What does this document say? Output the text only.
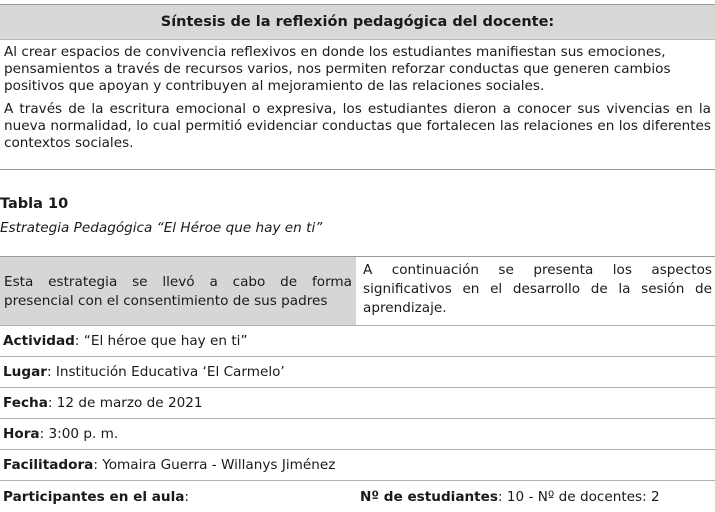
Síntesis de la reflexión pedagógica del docente:

Al crear espacios de convivencia reflexivos en donde los estudiantes manifiestan sus emociones, pensamientos a través de recursos varios, nos permiten reforzar conductas que generen cambios positivos que apoyan y contribuyen al mejoramiento de las relaciones sociales.

A través de la escritura emocional o expresiva, los estudiantes dieron a conocer sus vivencias en la nueva normalidad, lo cual permitió evidenciar conductas que fortalecen las relaciones en los diferentes contextos sociales.

Tabla 10
Estrategia Pedagógica “El Héroe que hay en ti”
Esta estrategia se llevó a cabo de forma presencial con el consentimiento de sus padres
A continuación se presenta los aspectos significativos en el desarrollo de la sesión de aprendizaje.
Actividad : “El héroe que hay en ti”
Lugar : Institución Educativa ‘El Carmelo’
Fecha : 12 de marzo de 2021
Hora : 3:00 p. m.
Facilitadora : Yomaira Guerra - Willanys Jiménez
Participantes en el aula:	Nº de estudiantes: 10 - Nº de docentes: 2
